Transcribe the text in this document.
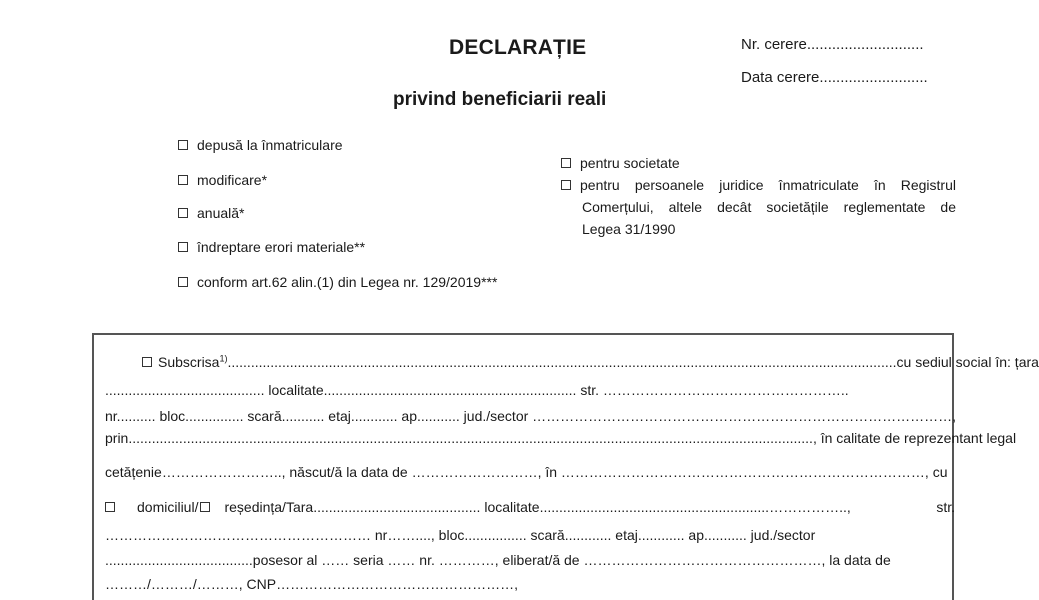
DECLARAȚIE
privind beneficiarii reali
Nr. cerere............................
Data cerere..........................
depusă la înmatriculare
modificare*
anuală*
îndreptare erori materiale**
conform art.62 alin.(1) din Legea nr. 129/2019***
pentru societate
pentru persoanele juridice înmatriculate în Registrul
Comerțului, altele decât societățile reglementate de
Legea 31/1990
Subscrisa$^{1)}$ ............................................................................................................................................................................ cu sediul social în: țara
......................................... localitate................................................................. str. ……………………………………………..
nr.......... bloc............... scară........... etaj............ ap........... jud./sector ………………………………………………………………………………,
prin ................................................................................................................................................................................ , în calitate de reprezentant legal
cetățenie…………………….., născut/ă la data de ………………………, în ……………………………………………………………………, cu
domiciliul/ reședința/Tara ........................................... localitate...........................................................……………..,	str.
………………………………………………… nr……...., bloc................ scară............ etaj............ ap........... jud./sector
......................................posesor al …… seria …… nr. …………, eliberat/ă de ……………………………………………, la data de
………/………/………, CNP……………………………………………,
